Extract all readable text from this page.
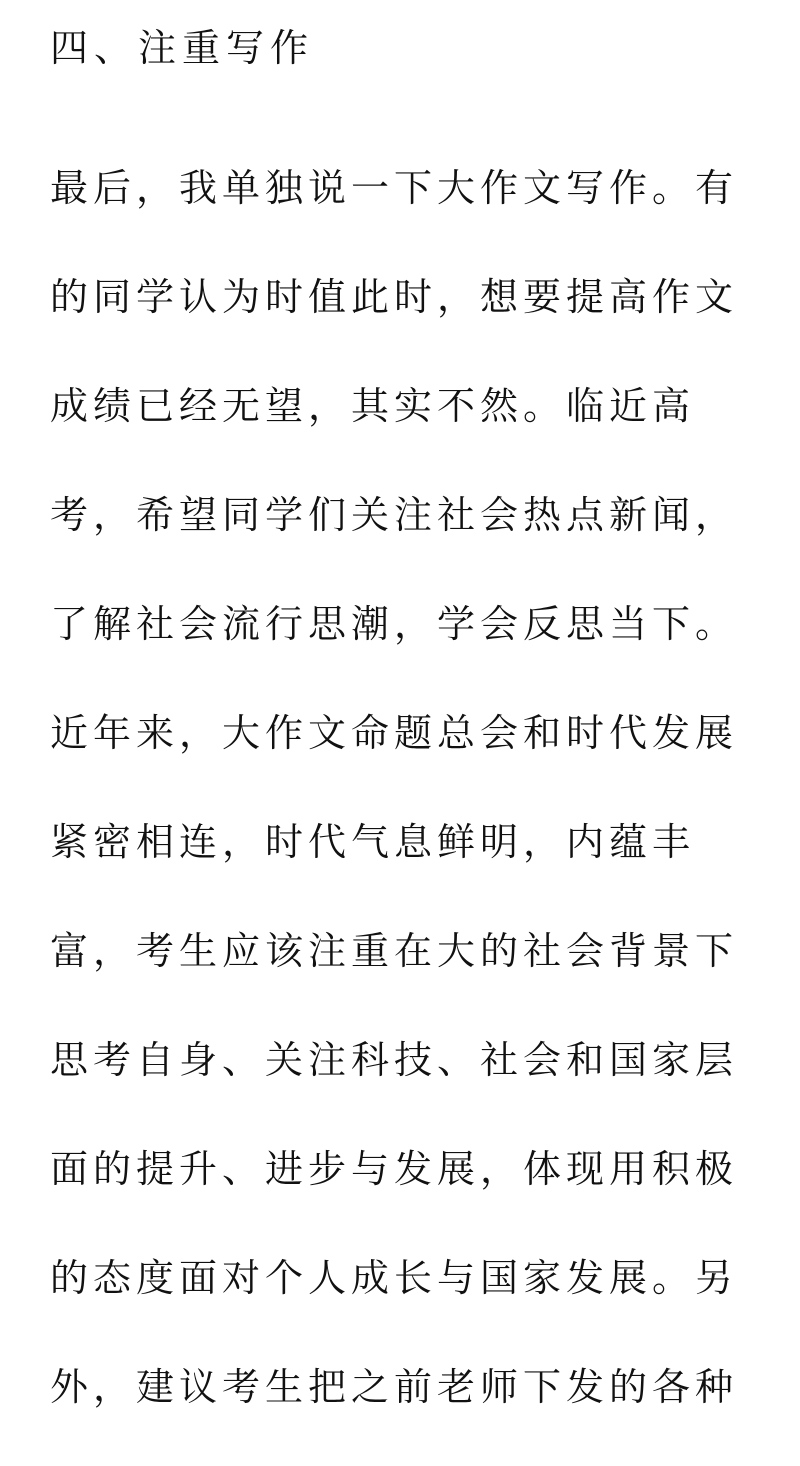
四、注重写作
最后，我单独说一下大作文写作。有
的同学认为时值此时，想要提高作文
成绩已经无望，其实不然。临近高
考，希望同学们关注社会热点新闻，
了解社会流行思潮，学会反思当下。
近年来，大作文命题总会和时代发展
紧密相连，时代气息鲜明，内蕴丰
富，考生应该注重在大的社会背景下
思考自身、关注科技、社会和国家层
面的提升、进步与发展，体现用积极
的态度面对个人成长与国家发展。另
外，建议考生把之前老师下发的各种
